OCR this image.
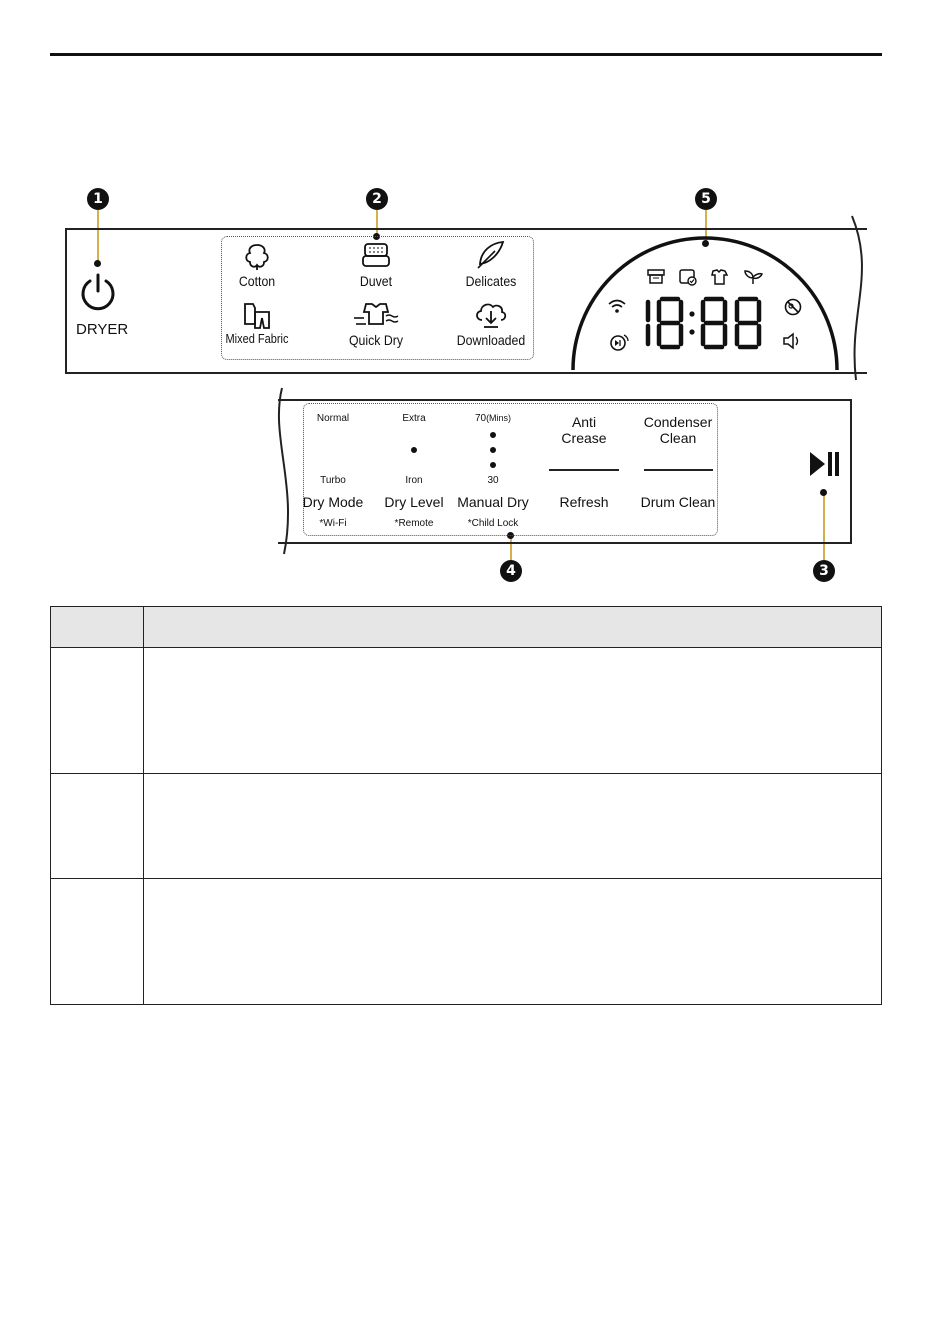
1	2	5
3
4
DRYER
Cotton	Duvet	Delicates
Mixed Fabric	Quick Dry	Downloaded
Normal
Turbo
Dry Mode
*Wi-Fi
Extra
Iron
Dry Level
*Remote
70(Mins)
30
Manual Dry
*Child Lock
Anti
Crease
Refresh
Condenser
Clean
Drum Clean
